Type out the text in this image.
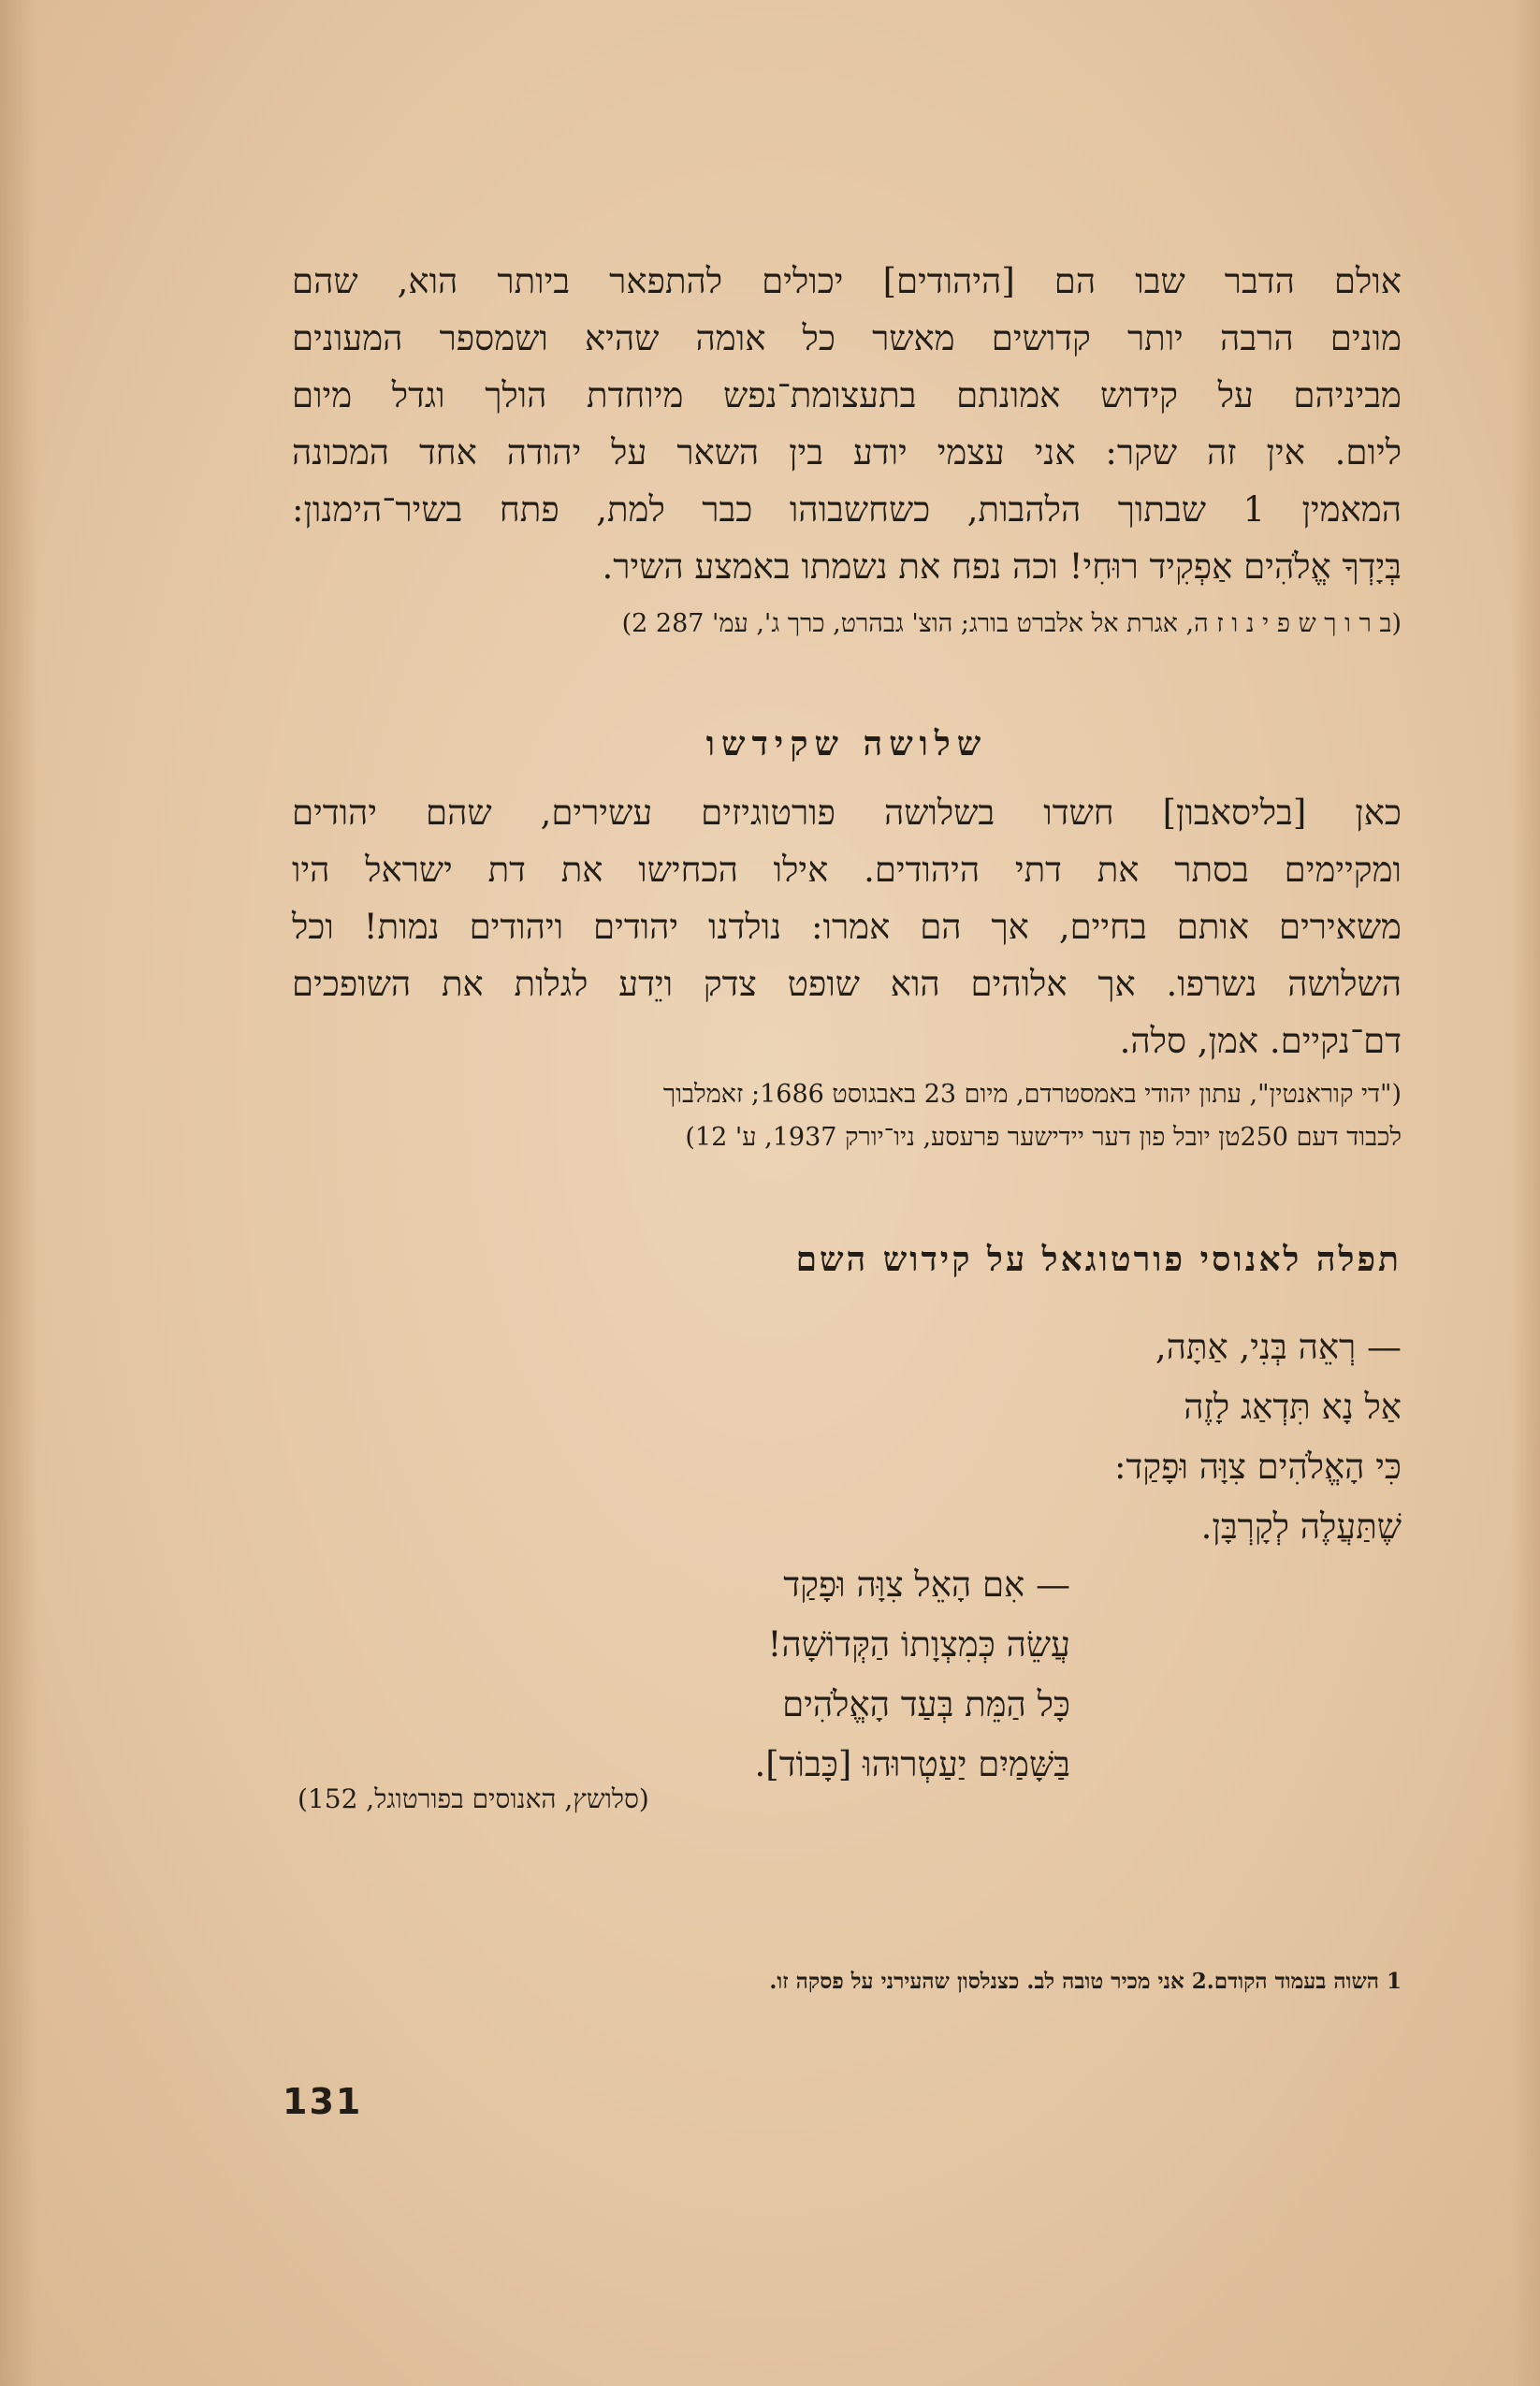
אולם הדבר שבו הם [היהודים] יכולים להתפאר ביותר הוא, שהם
מונים הרבה יותר קדושים מאשר כל אומה שהיא ושמספר המעונים
מביניהם על קידוש אמונתם בתעצומת־נפש מיוחדת הולך וגדל מיום
ליום. אין זה שקר: אני עצמי יודע בין השאר על יהודה אחד המכונה
המאמין 1 שבתוך הלהבות, כשחשבוהו כבר למת, פתח בשיר־הימנון:
בְּיָדְךָ אֱלֹהִים אַפְקִיד רוּחִי! וכה נפח את נשמתו באמצע השיר.

(ב ר ו ך ש פ י נ ו ז ה, אגרת אל אלברט בורג; הוצ' גבהרט, כרך ג', עמ' 287 2)

שלושה שקידשו

כאן [בליסאבון] חשדו בשלושה פורטוגיזים עשירים, שהם יהודים
ומקיימים בסתר את דתי היהודים. אילו הכחישו את דת ישראל היו
משאירים אותם בחיים, אך הם אמרו: נולדנו יהודים ויהודים נמות! וכל
השלושה נשרפו. אך אלוהים הוא שופט צדק ויֵדע לגלות את השופכים
דם־נקיים. אמן, סלה.

("די קוראנטין", עתון יהודי באמסטרדם, מיום 23 באבגוסט 1686; זאמלבוך
לכבוד דעם 250טן יובל פון דער יידישער פרעסע, ניו־יורק 1937, ע' 12)

תפלה לאנוסי פורטוגאל על קידוש השם

— רְאֵה בְּנִי, אַתָּה,
אַל נָא תִּדְאַג לָזֶה
כִּי הָאֱלֹהִים צִוָּה וּפָקַד:
שֶׁתַּעֲלֶה לְקָרְבָּן.
— אִם הָאֵל צִוָּה וּפָקַד
עֲשֵׂה כְּמִצְוָתוֹ הַקְּדוֹשָׁה!
כָּל הַמֵּת בְּעַד הָאֱלֹהִים
בַּשָּׁמַיִם יַעַטְרוּהוּ [כָּבוֹד].

(סלושץ, האנוסים בפורטוגל, 152)

1 השוה בעמוד הקודם.
2 אני מכיר טובה לב. כצנלסון שהעירני על פסקה זו.

131
